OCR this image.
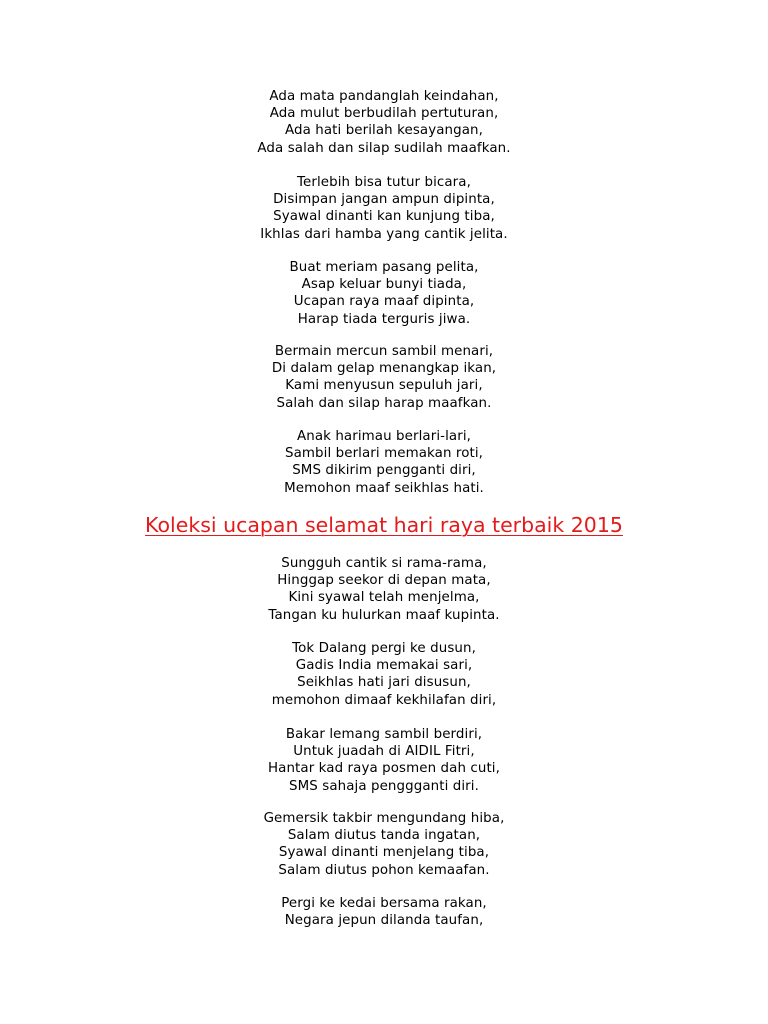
Ada mata pandanglah keindahan,
Ada mulut berbudilah pertuturan,
Ada hati berilah kesayangan,
Ada salah dan silap sudilah maafkan.
Terlebih bisa tutur bicara,
Disimpan jangan ampun dipinta,
Syawal dinanti kan kunjung tiba,
Ikhlas dari hamba yang cantik jelita.
Buat meriam pasang pelita,
Asap keluar bunyi tiada,
Ucapan raya maaf dipinta,
Harap tiada terguris jiwa.
Bermain mercun sambil menari,
Di dalam gelap menangkap ikan,
Kami menyusun sepuluh jari,
Salah dan silap harap maafkan.
Anak harimau berlari-lari,
Sambil berlari memakan roti,
SMS dikirim pengganti diri,
Memohon maaf seikhlas hati.
Koleksi ucapan selamat hari raya terbaik 2015
Sungguh cantik si rama-rama,
Hinggap seekor di depan mata,
Kini syawal telah menjelma,
Tangan ku hulurkan maaf kupinta.
Tok Dalang pergi ke dusun,
Gadis India memakai sari,
Seikhlas hati jari disusun,
memohon dimaaf kekhilafan diri,
Bakar lemang sambil berdiri,
Untuk juadah di AIDIL Fitri,
Hantar kad raya posmen dah cuti,
SMS sahaja penggganti diri.
Gemersik takbir mengundang hiba,
Salam diutus tanda ingatan,
Syawal dinanti menjelang tiba,
Salam diutus pohon kemaafan.
Pergi ke kedai bersama rakan,
Negara jepun dilanda taufan,
